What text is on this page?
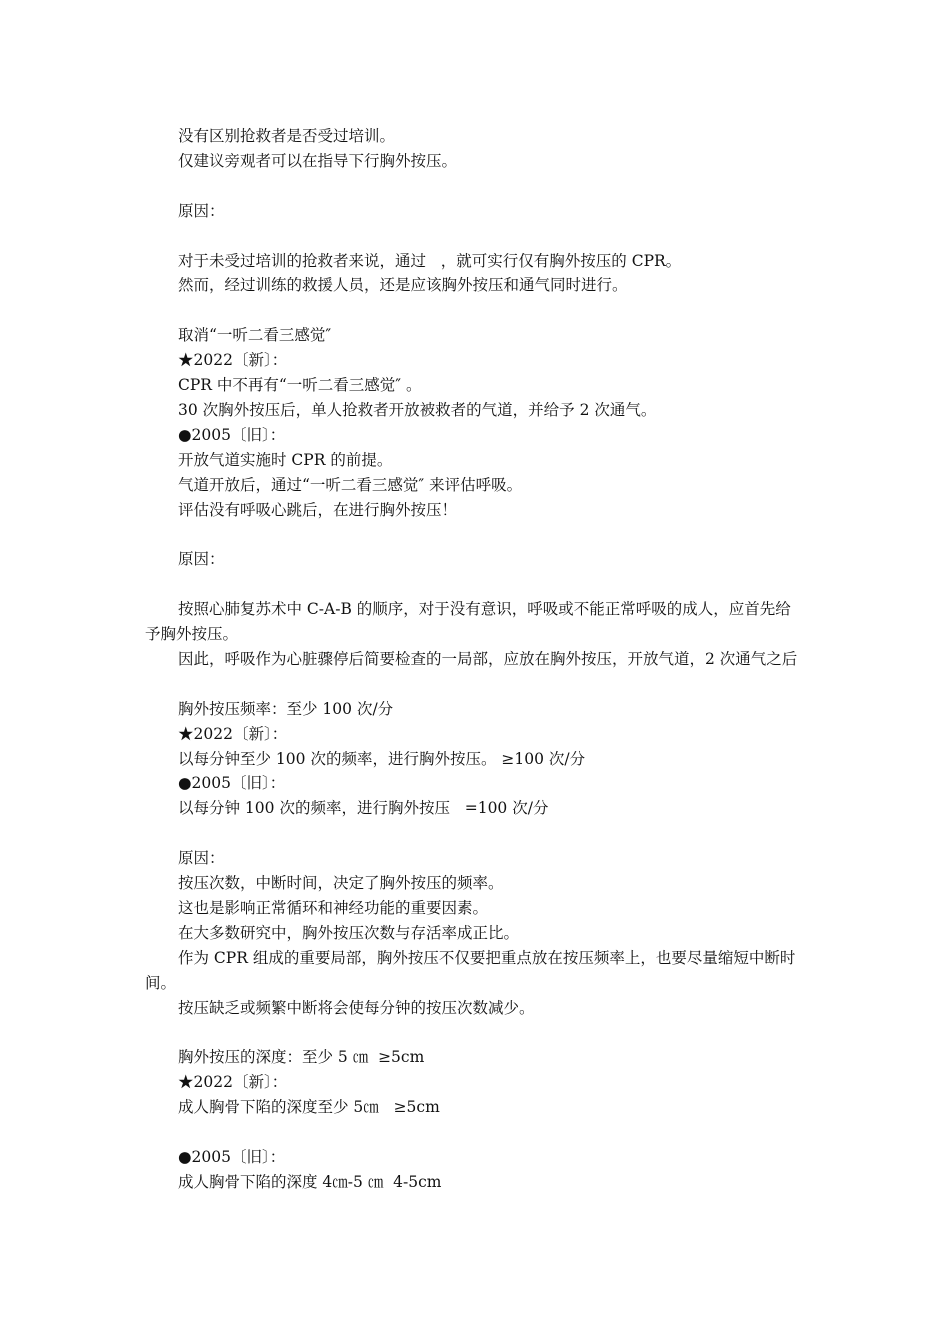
没有区别抢救者是否受过培训。
仅建议旁观者可以在指导下行胸外按压。
原因：
对于未受过培训的抢救者来说，通过   ，就可实行仅有胸外按压的 CPR。
然而，经过训练的救援人员，还是应该胸外按压和通气同时进行。
取消“一听二看三感觉″
★2022〔新〕：
CPR 中不再有“一听二看三感觉″ 。
30 次胸外按压后，单人抢救者开放被救者的气道，并给予 2 次通气。
●2005〔旧〕：
开放气道实施时 CPR 的前提。
气道开放后，通过“一听二看三感觉″ 来评估呼吸。
评估没有呼吸心跳后，在进行胸外按压！
原因：
按照心肺复苏术中 C-A-B 的顺序，对于没有意识，呼吸或不能正常呼吸的成人，应首先给予胸外按压。
因此，呼吸作为心脏骤停后简要检查的一局部，应放在胸外按压，开放气道，2 次通气之后
胸外按压频率：至少 100 次/分
★2022〔新〕：
以每分钟至少 100 次的频率，进行胸外按压。 ≥100 次/分
●2005〔旧〕：
以每分钟 100 次的频率，进行胸外按压   =100 次/分
原因：
按压次数，中断时间，决定了胸外按压的频率。
这也是影响正常循环和神经功能的重要因素。
在大多数研究中，胸外按压次数与存活率成正比。
作为 CPR 组成的重要局部，胸外按压不仅要把重点放在按压频率上，也要尽量缩短中断时间。
按压缺乏或频繁中断将会使每分钟的按压次数减少。
胸外按压的深度：至少 5 ㎝  ≥5cm
★2022〔新〕：
成人胸骨下陷的深度至少 5㎝   ≥5cm
●2005〔旧〕：
成人胸骨下陷的深度 4㎝-5 ㎝  4-5cm
